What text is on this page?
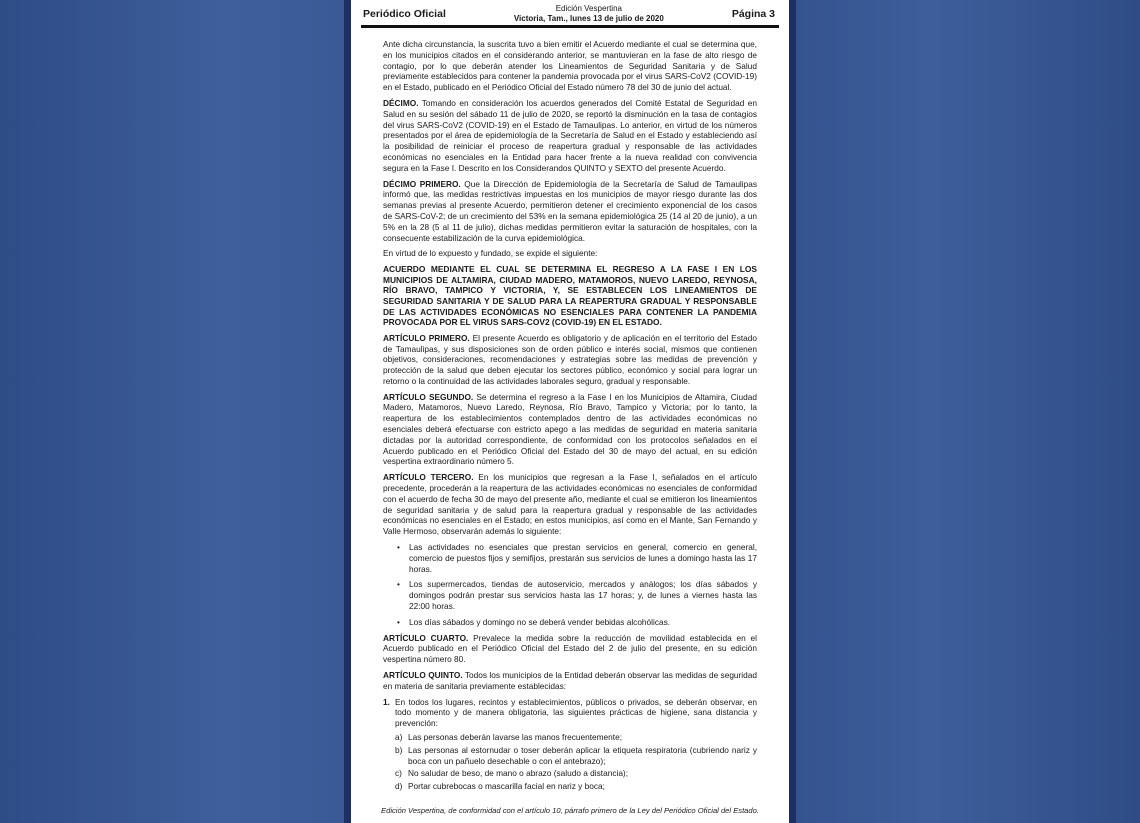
Periódico Oficial	Edición Vespertina
Victoria, Tam., lunes 13 de julio de 2020	Página 3
Ante dicha circunstancia, la suscrita tuvo a bien emitir el Acuerdo mediante el cual se determina que, en los municipios citados en el considerando anterior, se mantuvieran en la fase de alto riesgo de contagio, por lo que deberán atender los Lineamientos de Seguridad Sanitaria y de Salud previamente establecidos para contener la pandemia provocada por el virus SARS-CoV2 (COVID-19) en el Estado, publicado en el Periódico Oficial del Estado número 78 del 30 de junio del actual.
DÉCIMO. Tomando en consideración los acuerdos generados del Comité Estatal de Seguridad en Salud en su sesión del sábado 11 de julio de 2020, se reportó la disminución en la tasa de contagios del virus SARS-CoV2 (COVID-19) en el Estado de Tamaulipas. Lo anterior, en virtud de los números presentados por el área de epidemiología de la Secretaría de Salud en el Estado y estableciendo así la posibilidad de reiniciar el proceso de reapertura gradual y responsable de las actividades económicas no esenciales en la Entidad para hacer frente a la nueva realidad con convivencia segura en la Fase I. Descrito en los Considerandos QUINTO y SEXTO del presente Acuerdo.
DÉCIMO PRIMERO. Que la Dirección de Epidemiología de la Secretaría de Salud de Tamaulipas informó que, las medidas restrictivas impuestas en los municipios de mayor riesgo durante las dos semanas previas al presente Acuerdo, permitieron detener el crecimiento exponencial de los casos de SARS-CoV-2; de un crecimiento del 53% en la semana epidemiológica 25 (14 al 20 de junio), a un 5% en la 28 (5 al 11 de julio), dichas medidas permitieron evitar la saturación de hospitales, con la consecuente estabilización de la curva epidemiológica.
En virtud de lo expuesto y fundado, se expide el siguiente:
ACUERDO MEDIANTE EL CUAL SE DETERMINA EL REGRESO A LA FASE I EN LOS MUNICIPIOS DE ALTAMIRA, CIUDAD MADERO, MATAMOROS, NUEVO LAREDO, REYNOSA, RÍO BRAVO, TAMPICO Y VICTORIA, Y, SE ESTABLECEN LOS LINEAMIENTOS DE SEGURIDAD SANITARIA Y DE SALUD PARA LA REAPERTURA GRADUAL Y RESPONSABLE DE LAS ACTIVIDADES ECONÓMICAS NO ESENCIALES PARA CONTENER LA PANDEMIA PROVOCADA POR EL VIRUS SARS-COV2 (COVID-19) EN EL ESTADO.
ARTÍCULO PRIMERO. El presente Acuerdo es obligatorio y de aplicación en el territorio del Estado de Tamaulipas, y sus disposiciones son de orden público e interés social, mismos que contienen objetivos, consideraciones, recomendaciones y estrategias sobre las medidas de prevención y protección de la salud que deben ejecutar los sectores público, económico y social para lograr un retorno o la continuidad de las actividades laborales seguro, gradual y responsable.
ARTÍCULO SEGUNDO. Se determina el regreso a la Fase I en los Municipios de Altamira, Ciudad Madero, Matamoros, Nuevo Laredo, Reynosa, Río Bravo, Tampico y Victoria; por lo tanto, la reapertura de los establecimientos contemplados dentro de las actividades económicas no esenciales deberá efectuarse con estricto apego a las medidas de seguridad en materia sanitaria dictadas por la autoridad correspondiente, de conformidad con los protocolos señalados en el Acuerdo publicado en el Periódico Oficial del Estado del 30 de mayo del actual, en su edición vespertina extraordinario número 5.
ARTÍCULO TERCERO. En los municipios que regresan a la Fase I, señalados en el artículo precedente, procederán a la reapertura de las actividades económicas no esenciales de conformidad con el acuerdo de fecha 30 de mayo del presente año, mediante el cual se emitieron los lineamientos de seguridad sanitaria y de salud para la reapertura gradual y responsable de las actividades económicas no esenciales en el Estado; en estos municipios, así como en el Mante, San Fernando y Valle Hermoso, observarán además lo siguiente:
• Las actividades no esenciales que prestan servicios en general, comercio en general, comercio de puestos fijos y semifijos, prestarán sus servicios de lunes a domingo hasta las 17 horas.
• Los supermercados, tiendas de autoservicio, mercados y análogos; los días sábados y domingos podrán prestar sus servicios hasta las 17 horas; y, de lunes a viernes hasta las 22:00 horas.
• Los días sábados y domingo no se deberá vender bebidas alcohólicas.
ARTÍCULO CUARTO. Prevalece la medida sobre la reducción de movilidad establecida en el Acuerdo publicado en el Periódico Oficial del Estado del 2 de julio del presente, en su edición vespertina número 80.
ARTÍCULO QUINTO. Todos los municipios de la Entidad deberán observar las medidas de seguridad en materia de sanitaria previamente establecidas:
1. En todos los lugares, recintos y establecimientos, públicos o privados, se deberán observar, en todo momento y de manera obligatoria, las siguientes prácticas de higiene, sana distancia y prevención:
a) Las personas deberán lavarse las manos frecuentemente;
b) Las personas al estornudar o toser deberán aplicar la etiqueta respiratoria (cubriendo nariz y boca con un pañuelo desechable o con el antebrazo);
c) No saludar de beso, de mano o abrazo (saludo a distancia);
d) Portar cubrebocas o mascarilla facial en nariz y boca;
Edición Vespertina, de conformidad con el artículo 10, párrafo primero de la Ley del Periódico Oficial del Estado.
